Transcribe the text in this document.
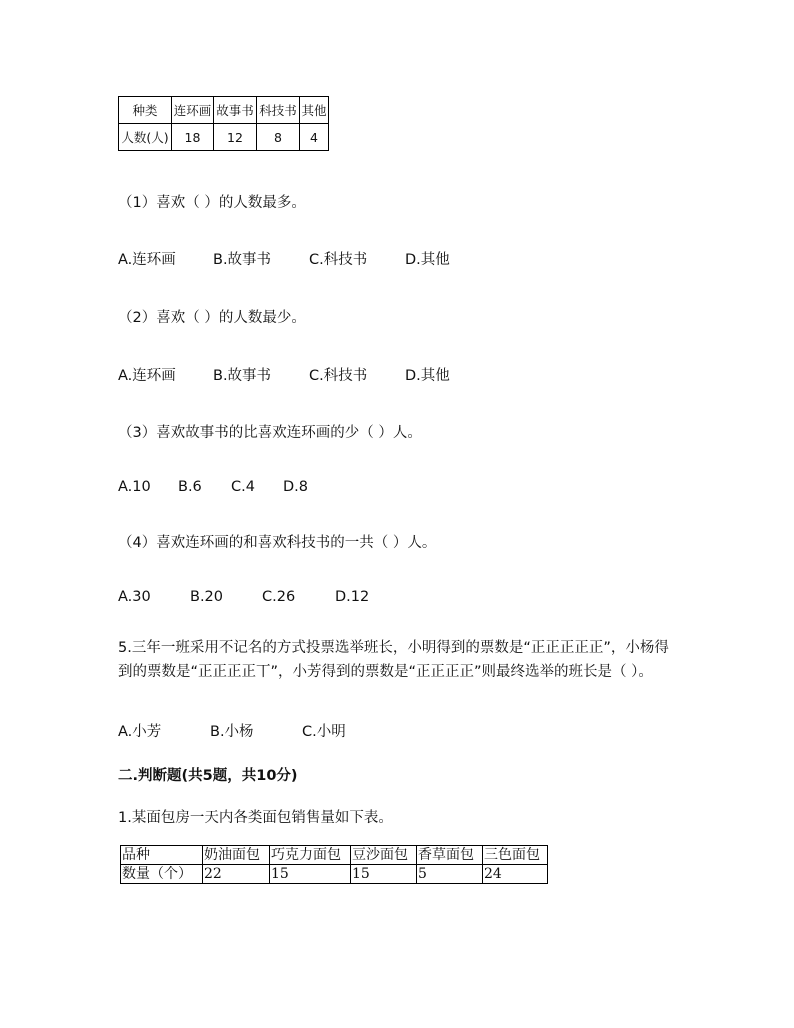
种类	连环画	故事书	科技书	其他
人数(人)	18	12	8	4
（1）喜欢（ ）的人数最多。
A.连环画	B.故事书	C.科技书	D.其他
（2）喜欢（ ）的人数最少。
A.连环画	B.故事书	C.科技书	D.其他
（3）喜欢故事书的比喜欢连环画的少（ ）人。
A.10 B.6 C.4 D.8
（4）喜欢连环画的和喜欢科技书的一共（ ）人。
A.30	B.20	C.26	D.12
5.三年一班采用不记名的方式投票选举班长，小明得到的票数是“正正正正正”，小杨得到的票数是“正正正正丅”，小芳得到的票数是“正正正正”则最终选举的班长是（ ）。
A.小芳	B.小杨	C.小明
二.判断题(共5题，共10分)
1.某面包房一天内各类面包销售量如下表。
品种	奶油面包	巧克力面包	豆沙面包	香草面包	三色面包
数量（个）	22	15	15	5	24
